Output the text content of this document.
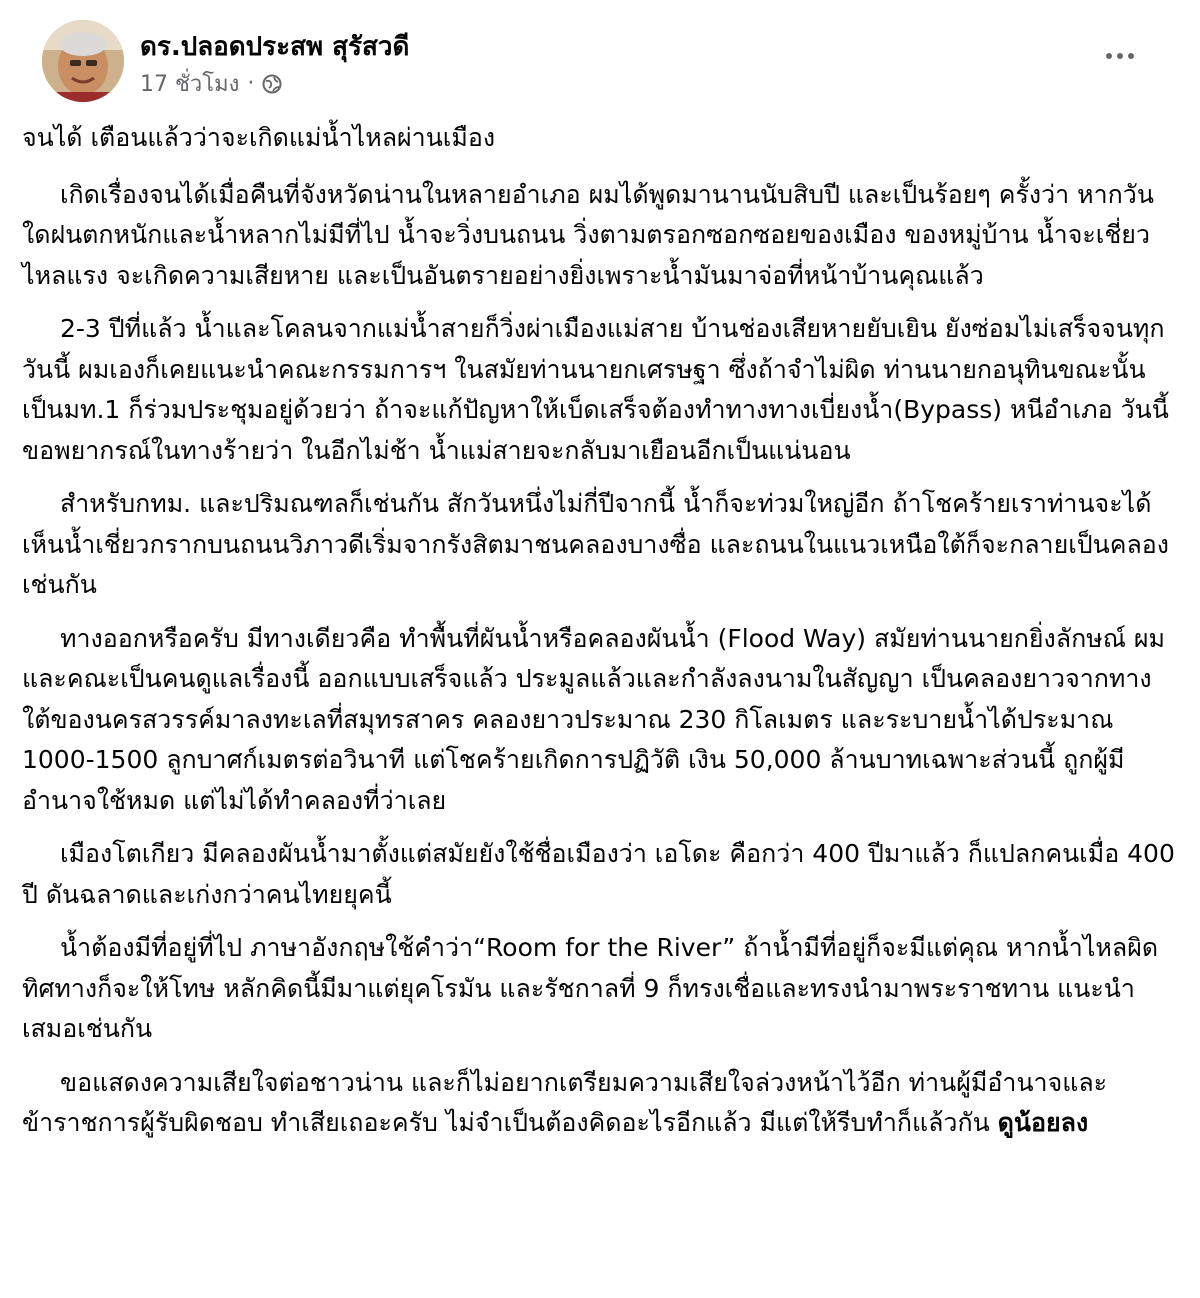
ดร.ปลอดประสพ สุรัสวดี
17 ชั่วโมง ·

จนได้ เตือนแล้วว่าจะเกิดแม่น้ำไหลผ่านเมือง

เกิดเรื่องจนได้เมื่อคืนที่จังหวัดน่านในหลายอำเภอ ผมได้พูดมานานนับสิบปี และเป็นร้อยๆ ครั้งว่า หากวันใดฝนตกหนักและน้ำหลากไม่มีที่ไป น้ำจะวิ่งบนถนน วิ่งตามตรอกซอกซอยของเมือง ของหมู่บ้าน น้ำจะเชี่ยวไหลแรง จะเกิดความเสียหาย และเป็นอันตรายอย่างยิ่งเพราะน้ำมันมาจ่อที่หน้าบ้านคุณแล้ว

2-3 ปีที่แล้ว น้ำและโคลนจากแม่น้ำสายก็วิ่งผ่าเมืองแม่สาย บ้านช่องเสียหายยับเยิน ยังซ่อมไม่เสร็จจนทุกวันนี้ ผมเองก็เคยแนะนำคณะกรรมการฯ ในสมัยท่านนายกเศรษฐา ซึ่งถ้าจำไม่ผิด ท่านนายกอนุทินขณะนั้นเป็นมท.1 ก็ร่วมประชุมอยู่ด้วยว่า ถ้าจะแก้ปัญหาให้เบ็ดเสร็จต้องทำทางทางเบี่ยงน้ำ(Bypass) หนีอำเภอ วันนี้ขอพยากรณ์ในทางร้ายว่า ในอีกไม่ช้า น้ำแม่สายจะกลับมาเยือนอีกเป็นแน่นอน

สำหรับกทม. และปริมณฑลก็เช่นกัน สักวันหนึ่งไม่กี่ปีจากนี้ น้ำก็จะท่วมใหญ่อีก ถ้าโชคร้ายเราท่านจะได้เห็นน้ำเชี่ยวกรากบนถนนวิภาวดีเริ่มจากรังสิตมาชนคลองบางซื่อ และถนนในแนวเหนือใต้ก็จะกลายเป็นคลองเช่นกัน

ทางออกหรือครับ มีทางเดียวคือ ทำพื้นที่ผันน้ำหรือคลองผันน้ำ (Flood Way) สมัยท่านนายกยิ่งลักษณ์ ผมและคณะเป็นคนดูแลเรื่องนี้ ออกแบบเสร็จแล้ว ประมูลแล้วและกำลังลงนามในสัญญา เป็นคลองยาวจากทางใต้ของนครสวรรค์มาลงทะเลที่สมุทรสาคร คลองยาวประมาณ 230 กิโลเมตร และระบายน้ำได้ประมาณ 1000-1500 ลูกบาศก์เมตรต่อวินาที แต่โชคร้ายเกิดการปฏิวัติ เงิน 50,000 ล้านบาทเฉพาะส่วนนี้ ถูกผู้มีอำนาจใช้หมด แต่ไม่ได้ทำคลองที่ว่าเลย

เมืองโตเกียว มีคลองผันน้ำมาตั้งแต่สมัยยังใช้ชื่อเมืองว่า เอโดะ คือกว่า 400 ปีมาแล้ว ก็แปลกคนเมื่อ 400 ปี ดันฉลาดและเก่งกว่าคนไทยยุคนี้

น้ำต้องมีที่อยู่ที่ไป ภาษาอังกฤษใช้คำว่า“Room for the River” ถ้าน้ำมีที่อยู่ก็จะมีแต่คุณ หากน้ำไหลผิดทิศทางก็จะให้โทษ หลักคิดนี้มีมาแต่ยุคโรมัน และรัชกาลที่ 9 ก็ทรงเชื่อและทรงนำมาพระราชทาน แนะนำเสมอเช่นกัน

ขอแสดงความเสียใจต่อชาวน่าน และก็ไม่อยากเตรียมความเสียใจล่วงหน้าไว้อีก ท่านผู้มีอำนาจและข้าราชการผู้รับผิดชอบ ทำเสียเถอะครับ ไม่จำเป็นต้องคิดอะไรอีกแล้ว มีแต่ให้รีบทำก็แล้วกัน ดูน้อยลง
